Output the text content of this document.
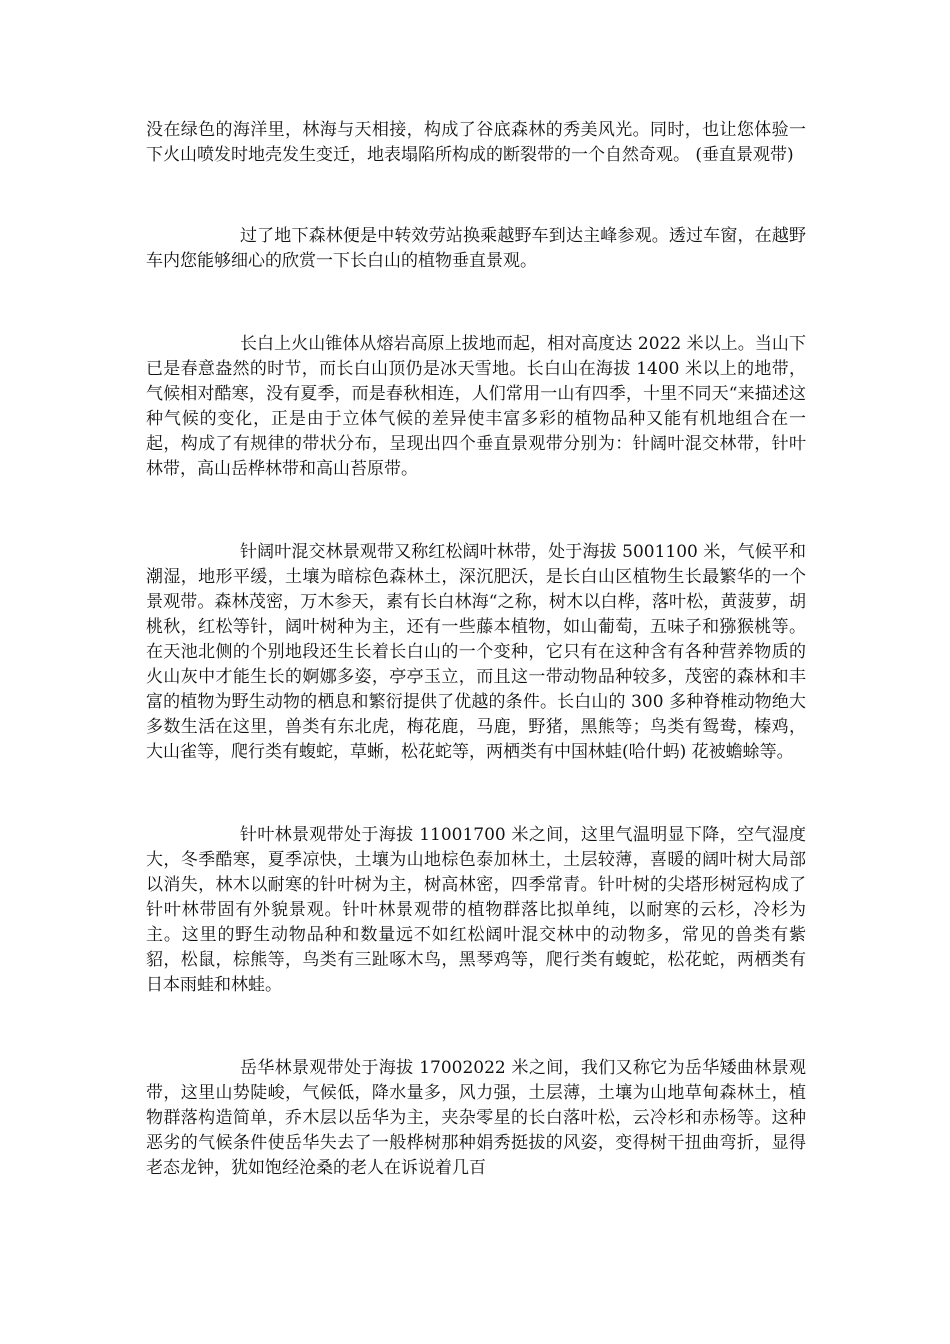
没在绿色的海洋里，林海与天相接，构成了谷底森林的秀美风光。同时，也让您体验一下火山喷发时地壳发生变迁，地表塌陷所构成的断裂带的一个自然奇观。 (垂直景观带)

过了地下森林便是中转效劳站换乘越野车到达主峰参观。透过车窗，在越野车内您能够细心的欣赏一下长白山的植物垂直景观。

长白上火山锥体从熔岩高原上拔地而起，相对高度达 2022 米以上。当山下已是春意盎然的时节，而长白山顶仍是冰天雪地。长白山在海拔 1400 米以上的地带，气候相对酷寒，没有夏季，而是春秋相连，人们常用一山有四季，十里不同天“来描述这种气候的变化，正是由于立体气候的差异使丰富多彩的植物品种又能有机地组合在一起，构成了有规律的带状分布，呈现出四个垂直景观带分别为：针阔叶混交林带，针叶林带，高山岳桦林带和高山苔原带。

针阔叶混交林景观带又称红松阔叶林带，处于海拔 5001100 米，气候平和潮湿，地形平缓，土壤为暗棕色森林土，深沉肥沃，是长白山区植物生长最繁华的一个景观带。森林茂密，万木参天，素有长白林海“之称，树木以白桦，落叶松，黄菠萝，胡桃秋，红松等针，阔叶树种为主，还有一些藤本植物，如山葡萄，五味子和猕猴桃等。在天池北侧的个别地段还生长着长白山的一个变种，它只有在这种含有各种营养物质的火山灰中才能生长的婀娜多姿，亭亭玉立，而且这一带动物品种较多，茂密的森林和丰富的植物为野生动物的栖息和繁衍提供了优越的条件。长白山的 300 多种脊椎动物绝大多数生活在这里，兽类有东北虎，梅花鹿，马鹿，野猪，黑熊等；鸟类有鸳鸯，榛鸡，大山雀等，爬行类有蝮蛇，草蜥，松花蛇等，两栖类有中国林蛙(哈什蚂) 花被蟾蜍等。

针叶林景观带处于海拔 11001700 米之间，这里气温明显下降，空气湿度大，冬季酷寒，夏季凉快，土壤为山地棕色泰加林土，土层较薄，喜暖的阔叶树大局部以消失，林木以耐寒的针叶树为主，树高林密，四季常青。针叶树的尖塔形树冠构成了针叶林带固有外貌景观。针叶林景观带的植物群落比拟单纯，以耐寒的云杉，冷杉为主。这里的野生动物品种和数量远不如红松阔叶混交林中的动物多，常见的兽类有紫貂，松鼠，棕熊等，鸟类有三趾啄木鸟，黑琴鸡等，爬行类有蝮蛇，松花蛇，两栖类有日本雨蛙和林蛙。

岳华林景观带处于海拔 17002022 米之间，我们又称它为岳华矮曲林景观带，这里山势陡峻，气候低，降水量多，风力强，土层薄，土壤为山地草甸森林土，植物群落构造简单，乔木层以岳华为主，夹杂零星的长白落叶松，云冷杉和赤杨等。这种恶劣的气候条件使岳华失去了一般桦树那种娟秀挺拔的风姿，变得树干扭曲弯折，显得老态龙钟，犹如饱经沧桑的老人在诉说着几百
